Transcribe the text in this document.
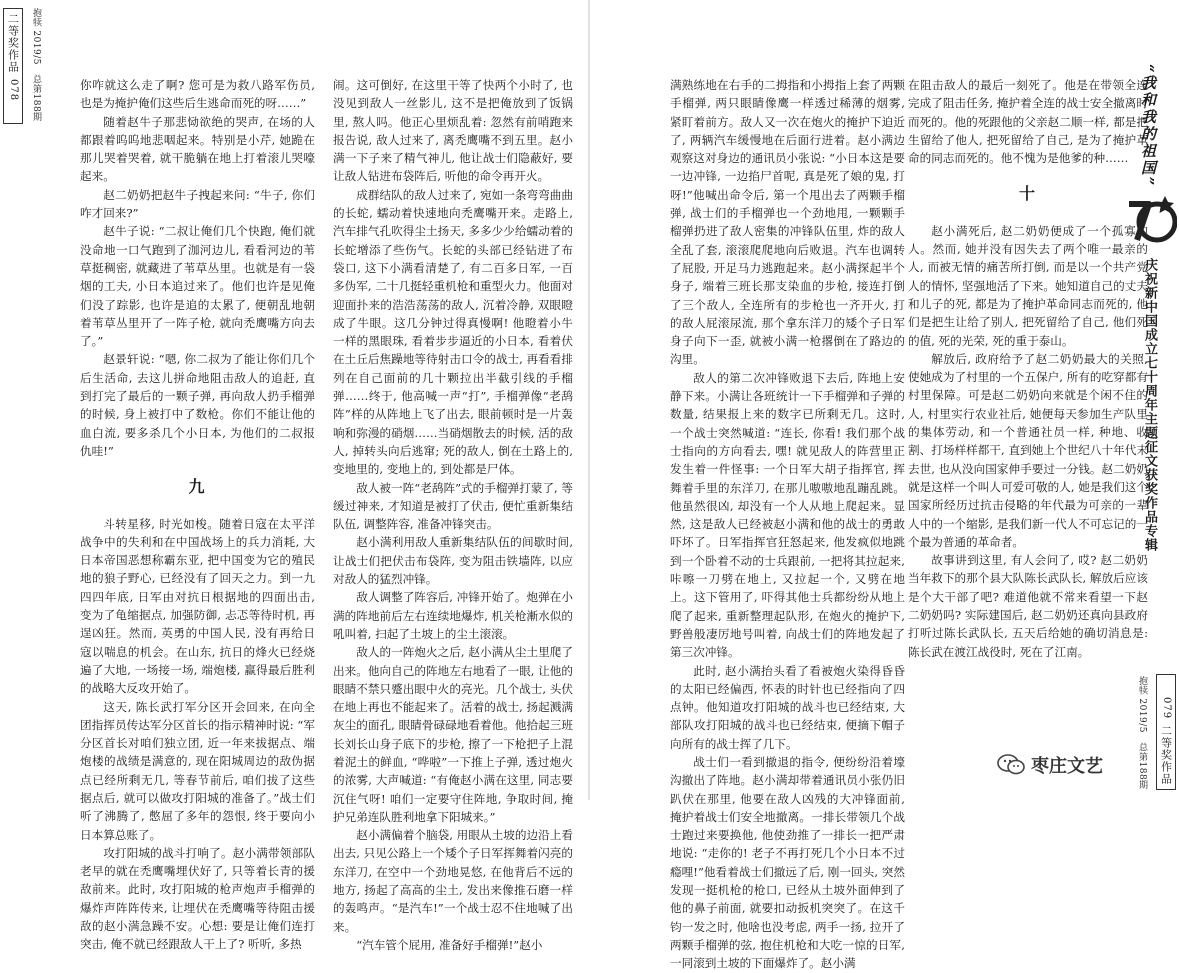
二等奖作品
078 抱犊 2019/5　总第188期	你咋就这么走了啊? 您可是为救八路军伤员, 也是为掩护俺们这些后生逃命而死的呀……”

随着赵牛子那悲恸欲绝的哭声, 在场的人都跟着呜呜地悲咽起来。特别是小芹, 她跪在那儿哭着哭着, 就干脆躺在地上打着滚儿哭嚎起来。

赵二奶奶把赵牛子拽起来问: “牛子, 你们咋才回来?”

赵牛子说: “二叔让俺们几个快跑, 俺们就没命地一口气跑到了泇河边儿, 看看河边的苇草挺稠密, 就藏进了苇草丛里。也就是有一袋烟的工夫, 小日本追过来了。他们也许是见俺们没了踪影, 也许是追的太累了, 便朝乱地朝着苇草丛里开了一阵子枪, 就向禿鹰嘴方向去了。”

赵景轩说: “嗯, 你二叔为了能让你们几个后生活命, 去这儿拼命地阻击敌人的追赶, 直到打完了最后的一颗子弹, 再向敌人扔手榴弹的时候, 身上被打中了数枪。你们不能让他的血白流, 要多杀几个小日本, 为他们的二叔报仇哇!”

九

斗转星移, 时光如梭。随着日寇在太平洋战争中的失利和在中国战场上的兵力消耗, 大日本帝国恶想称霸东亚, 把中国变为它的殖民地的狼子野心, 已经没有了回天之力。到一九四四年底, 日军由对抗日根据地的四面出击, 变为了龟缩据点, 加强防御, 忐忑等待时机, 再逞凶狂。然而, 英勇的中国人民, 没有再给日寇以喘息的机会。在山东, 抗日的烽火已经烧遍了大地, 一场接一场, 端炮楼, 赢得最后胜利的战略大反攻开始了。

这天, 陈长武打军分区开会回来, 在向全团指挥员传达军分区首长的指示精神时说: “军分区首长对咱们独立团, 近一年来拔据点、端炮楼的战绩是满意的, 现在阳城周边的敌伪据点已经所剩无几, 等春节前后, 咱们拔了这些据点后, 就可以做攻打阳城的准备了。”战士们听了沸腾了, 憋屈了多年的怨恨, 终于要向小日本算总账了。

攻打阳城的战斗打响了。赵小满带领部队老早的就在禿鹰嘴埋伏好了, 只等着长青的援敌前来。此时, 攻打阳城的枪声炮声手榴弹的爆炸声阵阵传来, 让埋伏在禿鹰嘴等待阻击援敌的赵小满急躁不安。心想: 要是让俺们连打突击, 俺不就已经跟敌人干上了? 听听, 多热

闹。这可倒好, 在这里干等了快两个小时了, 也没见到敌人一丝影儿, 这不是把俺放到了饭锅里, 熬人吗。他正心里烦乱着: 忽然有前哨跑来报告说, 敌人过来了, 离禿鹰嘴不到五里。赵小满一下子来了精气神儿, 他让战士们隐蔽好, 要让敌人钻进布袋阵后, 听他的命令再开火。

成群结队的敌人过来了, 宛如一条弯弯曲曲的长蛇, 蠕动着快速地向禿鹰嘴开来。走路上, 汽车排气孔吹得尘土扬天, 多多少少给蠕动着的长蛇增添了些伤气。长蛇的头部已经钻进了布袋口, 这下小满看清楚了, 有二百多日军, 一百多伪军, 二十几挺轻重机枪和重型火力。他面对迎面扑来的浩浩荡荡的敌人, 沉着冷静, 双眼瞪成了牛眼。这几分钟过得真慢啊! 他瞪着小牛一样的黑眼珠, 看着步步逼近的小日本, 看着伏在土丘后焦躁地等待射击口令的战士, 再看看排列在自己面前的几十颗拉出半截引线的手榴弹……终于, 他高喊一声“打”, 手榴弹像“老鸹阵”样的从阵地上飞了出去, 眼前顿时是一片轰响和弥漫的硝烟……当硝烟散去的时候, 活的敌人, 掉转头向后逃窜; 死的敌人, 倒在土路上的, 变地里的, 变地上的, 到处都是尸体。

敌人被一阵“老鸹阵”式的手榴弹打蒙了, 等缓过神来, 才知道是被打了伏击, 便忙重新集结队伍, 调整阵容, 准备冲锋突击。

赵小满利用敌人重新集结队伍的间歇时间, 让战士们把伏击布袋阵, 变为阻击铁墙阵, 以应对敌人的猛烈冲锋。

敌人调整了阵容后, 冲锋开始了。炮弹在小满的阵地前后左右连续地爆炸, 机关枪漸水似的吼叫着, 扫起了土坡上的尘土滚滚。

敌人的一阵炮火之后, 赵小满从尘土里爬了出来。他向自己的阵地左右地看了一眼, 让他的眼睛不禁只蹙出眼中火的亮光。几个战士, 头伏在地上再也不能起来了。活着的战士, 扬起溅满灰尘的面孔, 眼睛骨碌碌地看着他。他拾起三班长刘长山身子底下的步枪, 擦了一下枪把子上混着泥土的鲜血, “哗啦”一下推上子弹, 透过炮火的浓雾, 大声喊道: “有俺赵小满在这里, 同志要沉住气呀! 咱们一定要守住阵地, 争取时间, 掩护兄弟连队胜利地拿下阳城来。”

赵小满偏着个脑袋, 用眼从土坡的边沿上看出去, 只见公路上一个矮个子日军挥舞着闪亮的东洋刀, 在空中一个劲地晃悠, 在他背后不远的地方, 扬起了高高的尘土, 发出来像推石磨一样的轰鸣声。“是汽车!”一个战士忍不住地喊了出来。

“汽车管个屁用, 准备好手榴弹!”赵小

满熟练地在右手的二拇指和小拇指上套了两颗手榴弹, 两只眼睛像鹰一样透过稀薄的烟雾, 紧盯着前方。敌人又一次在炮火的掩护下迫近了, 两辆汽车缓慢地在后面行进着。赵小满边观察这对身边的通讯员小张说: “小日本这是要一边冲锋, 一边掐尸首呢, 真是死了娘的鬼, 打呀!”他喊出命令后, 第一个甩出去了两颗手榴弹, 战士们的手榴弹也一个劲地甩, 一颗颗手榴弹扔进了敌人密集的冲锋队伍里, 炸的敌人全乱了套, 滚滚爬爬地向后败退。汽车也调转了屁股, 开足马力逃跑起来。赵小满探起半个身子, 端着三班长那支染血的步枪, 接连打倒了三个敌人, 全连所有的步枪也一齐开火, 打的敌人屁滚尿流, 那个拿东洋刀的矮个子日军身子向下一歪, 就被小满一枪撂倒在了路边的沟里。

敌人的第二次冲锋败退下去后, 阵地上安静下来。小满让各班统计一下手榴弹和子弹的数量, 结果报上来的数字已所剩无几。这时, 一个战士突然喊道: “连长, 你看! 我们那个战士指向的方向看去, 嘿! 就见敌人的阵营里正发生着一件怪事: 一个日军大胡子指挥官, 挥舞着手里的东洋刀, 在那儿嗷嗷地乱蹦乱跳。他虽然很凶, 却没有一个人从地上爬起来。显然, 这是敌人已经被赵小满和他的战士的勇敢吓坏了。日军指挥官狂怒起来, 他发疯似地跳到一个卧着不动的士兵跟前, 一把将其拉起来, 咔嚓一刀劈在地上, 又拉起一个, 又劈在地上。这下管用了, 吓得其他士兵都纷纷从地上爬了起来, 重新整理起队形, 在炮火的掩护下, 野兽般凄厉地号叫着, 向战士们的阵地发起了第三次冲锋。

此时, 赵小满抬头看了看被炮火染得昏昏的太阳已经偏西, 怀表的时针也已经指向了四点钟。他知道攻打阳城的战斗也已经结束, 大部队攻打阳城的战斗也已经结束, 便摘下帽子向所有的战士挥了几下。

战士们一看到撤退的指令, 便纷纷沿着壕沟撤出了阵地。赵小满却带着通讯员小张仍旧趴伏在那里, 他要在敌人凶残的大冲锋面前, 掩护着战士们安全地撤离。一排长带领几个战士跑过来要换他, 他使劲推了一排长一把严肃地说: “走你的! 老子不再打死几个小日本不过瘾哩!”他看着战士们撤远了后, 刚一回头, 突然发现一挺机枪的枪口, 已经从土坡外面伸到了他的鼻子前面, 就要扣动扳机突突了。在这千钧一发之时, 他啥也没考虑, 两手一扬, 拉开了两颗手榴弹的弦, 抱住机枪和大吃一惊的日军, 一同滚到土坡的下面爆炸了。赵小满

在阻击敌人的最后一刻死了。他是在带领全连完成了阻击任务, 掩护着全连的战士安全撤离时而死的。他的死跟他的父亲赵二顺一样, 都是把生留给了他人, 把死留给了自己, 是为了掩护革命的同志而死的。他不愧为是他爹的种……

十

赵小满死后, 赵二奶奶便成了一个孤寡的人。然而, 她并没有因失去了两个唯一最亲的人, 而被无情的痛苦所打倒, 而是以一个共产党人的情怀, 坚强地活了下来。她知道自己的丈夫和儿子的死, 都是为了掩护革命同志而死的, 他们是把生让给了别人, 把死留给了自己, 他们死的值, 死的光荣, 死的重于泰山。

解放后, 政府给予了赵二奶奶最大的关照, 使她成为了村里的一个五保户, 所有的吃穿都有村里保障。可是赵二奶奶向来就是个闲不住的人, 村里实行农业社后, 她便每天参加生产队里的集体劳动, 和一个普通社员一样, 种地、收割、打场样样都干, 直到她上个世纪八十年代末去世, 也从没向国家伸手要过一分钱。赵二奶奶就是这样一个叫人可爱可敬的人, 她是我们这个国家所经历过抗击侵略的年代最为可亲的一辈人中的一个缩影, 是我们新一代人不可忘记的一个最为普通的革命者。

故事讲到这里, 有人会问了, 哎? 赵二奶奶当年救下的那个县大队陈长武队长, 解放后应该是个大干部了吧? 难道他就不常来看望一下赵二奶奶吗? 实际建国后, 赵二奶奶还真向县政府打听过陈长武队长, 五天后给她的确切消息是: 陈长武在渡江战役时, 死在了江南。

“我和我的祖国”
庆祝新中国成立七十周年主题征文获奖作品专辑
079
二等奖作品
抱犊 2019/5　总第188期
枣庄文艺
